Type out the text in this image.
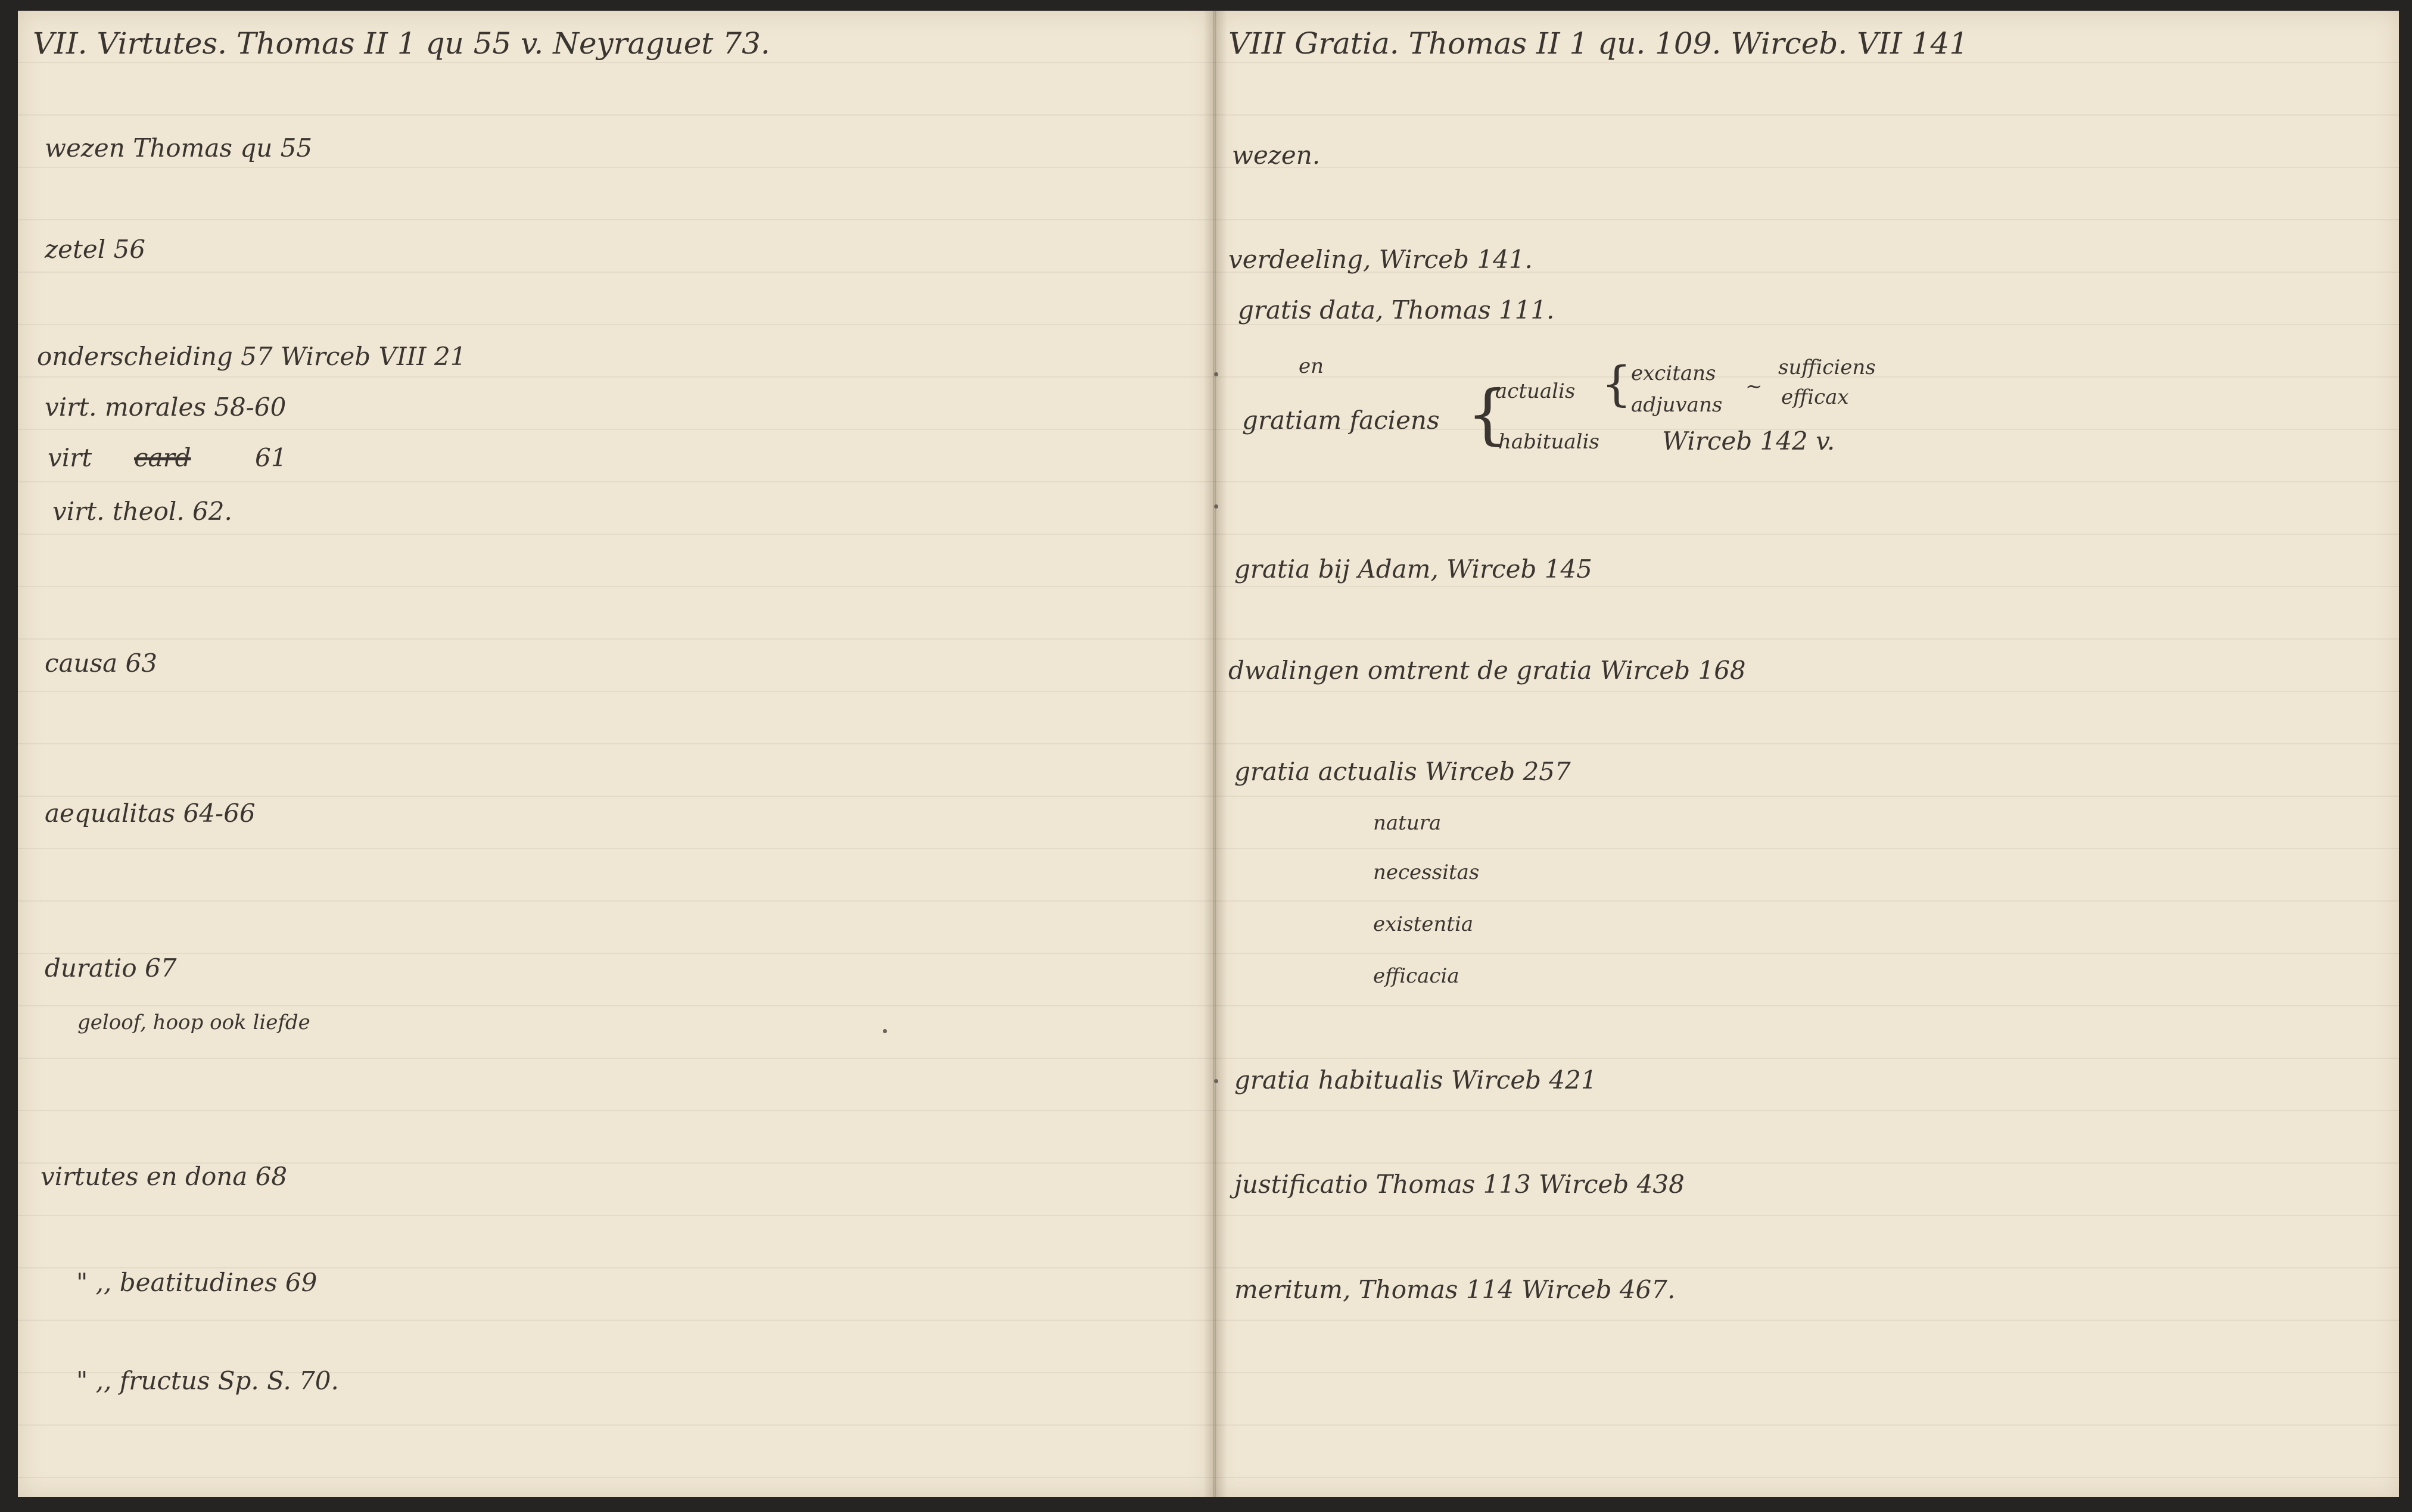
VII. Virtutes. Thomas II 1 qu 55 v. Neyraguet 73.
wezen Thomas qu 55
zetel 56
onderscheiding 57 Wirceb VIII 21
virt. morales 58-60
virt card	61
virt. theol. 62.
causa 63
aequalitas 64-66
duratio 67
geloof, hoop ook liefde
virtutes en dona 68
" ,, beatitudines 69
" ,, fructus Sp. S. 70.
VIII Gratia. Thomas II 1 qu. 109. Wirceb. VII 141
wezen.
verdeeling, Wirceb 141.
gratis data, Thomas 111.
en
gratiam faciens {
actualis { excitans
adjuvans
~
sufficiens
efficax
habitualis	Wirceb 142 v.
gratia bij Adam, Wirceb 145
dwalingen omtrent de gratia Wirceb 168
gratia actualis Wirceb 257
natura
necessitas
existentia
efficacia
gratia habitualis Wirceb 421
justificatio Thomas 113 Wirceb 438
meritum, Thomas 114 Wirceb 467.
